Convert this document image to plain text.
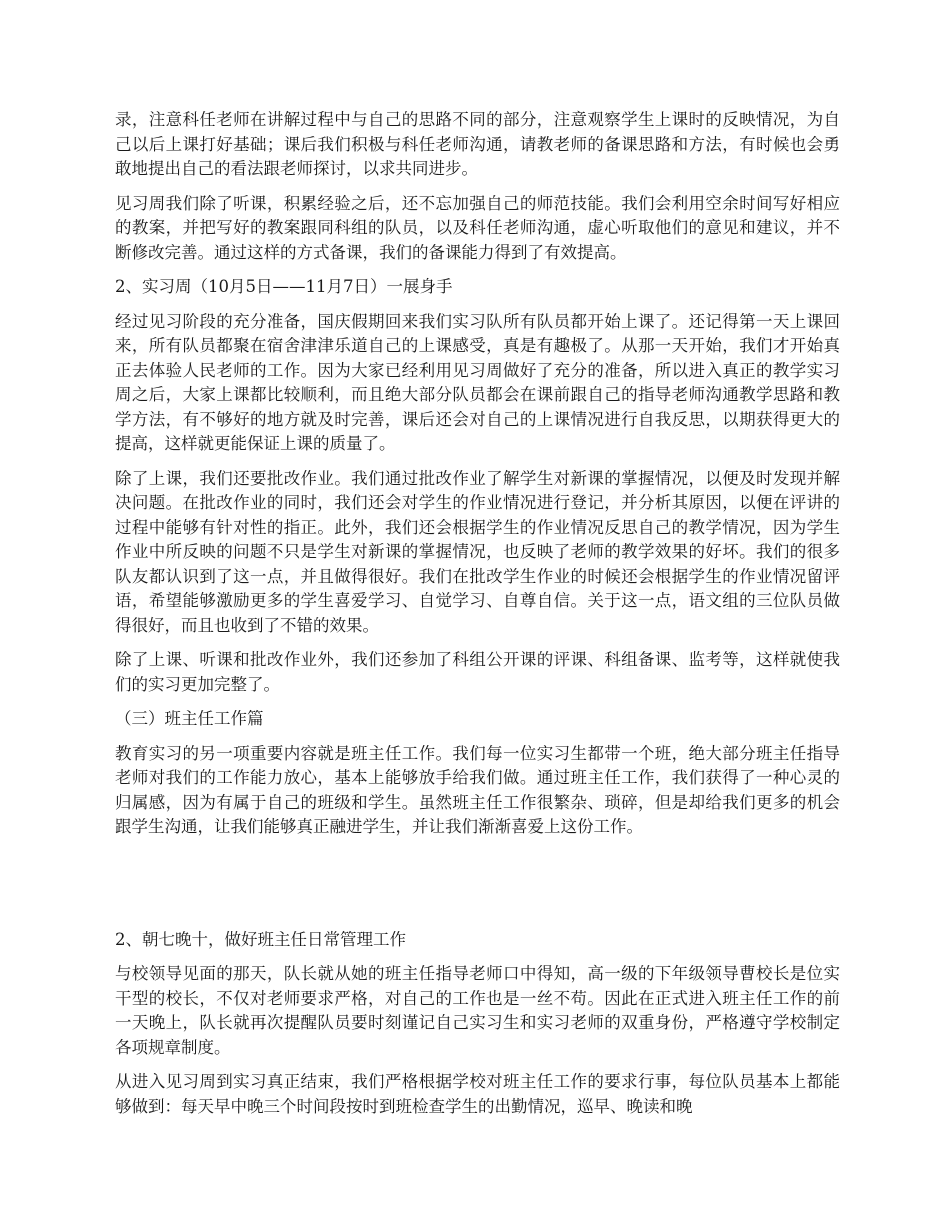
录，注意科任老师在讲解过程中与自己的思路不同的部分，注意观察学生上课时的反映情况，为自己以后上课打好基础；课后我们积极与科任老师沟通，请教老师的备课思路和方法，有时候也会勇敢地提出自己的看法跟老师探讨，以求共同进步。

见习周我们除了听课，积累经验之后，还不忘加强自己的师范技能。我们会利用空余时间写好相应的教案，并把写好的教案跟同科组的队员，以及科任老师沟通，虚心听取他们的意见和建议，并不断修改完善。通过这样的方式备课，我们的备课能力得到了有效提高。

2、实习周（10月5日——11月7日）一展身手

经过见习阶段的充分准备，国庆假期回来我们实习队所有队员都开始上课了。还记得第一天上课回来，所有队员都聚在宿舍津津乐道自己的上课感受，真是有趣极了。从那一天开始，我们才开始真正去体验人民老师的工作。因为大家已经利用见习周做好了充分的准备，所以进入真正的教学实习周之后，大家上课都比较顺利，而且绝大部分队员都会在课前跟自己的指导老师沟通教学思路和教学方法，有不够好的地方就及时完善，课后还会对自己的上课情况进行自我反思，以期获得更大的提高，这样就更能保证上课的质量了。

除了上课，我们还要批改作业。我们通过批改作业了解学生对新课的掌握情况，以便及时发现并解决问题。在批改作业的同时，我们还会对学生的作业情况进行登记，并分析其原因，以便在评讲的过程中能够有针对性的指正。此外，我们还会根据学生的作业情况反思自己的教学情况，因为学生作业中所反映的问题不只是学生对新课的掌握情况，也反映了老师的教学效果的好坏。我们的很多队友都认识到了这一点，并且做得很好。我们在批改学生作业的时候还会根据学生的作业情况留评语，希望能够激励更多的学生喜爱学习、自觉学习、自尊自信。关于这一点，语文组的三位队员做得很好，而且也收到了不错的效果。

除了上课、听课和批改作业外，我们还参加了科组公开课的评课、科组备课、监考等，这样就使我们的实习更加完整了。

（三）班主任工作篇

教育实习的另一项重要内容就是班主任工作。我们每一位实习生都带一个班，绝大部分班主任指导老师对我们的工作能力放心，基本上能够放手给我们做。通过班主任工作，我们获得了一种心灵的归属感，因为有属于自己的班级和学生。虽然班主任工作很繁杂、琐碎，但是却给我们更多的机会跟学生沟通，让我们能够真正融进学生，并让我们渐渐喜爱上这份工作。

2、朝七晚十，做好班主任日常管理工作

与校领导见面的那天，队长就从她的班主任指导老师口中得知，高一级的下年级领导曹校长是位实干型的校长，不仅对老师要求严格，对自己的工作也是一丝不苟。因此在正式进入班主任工作的前一天晚上，队长就再次提醒队员要时刻谨记自己实习生和实习老师的双重身份，严格遵守学校制定各项规章制度。

从进入见习周到实习真正结束，我们严格根据学校对班主任工作的要求行事，每位队员基本上都能够做到：每天早中晚三个时间段按时到班检查学生的出勤情况，巡早、晚读和晚
